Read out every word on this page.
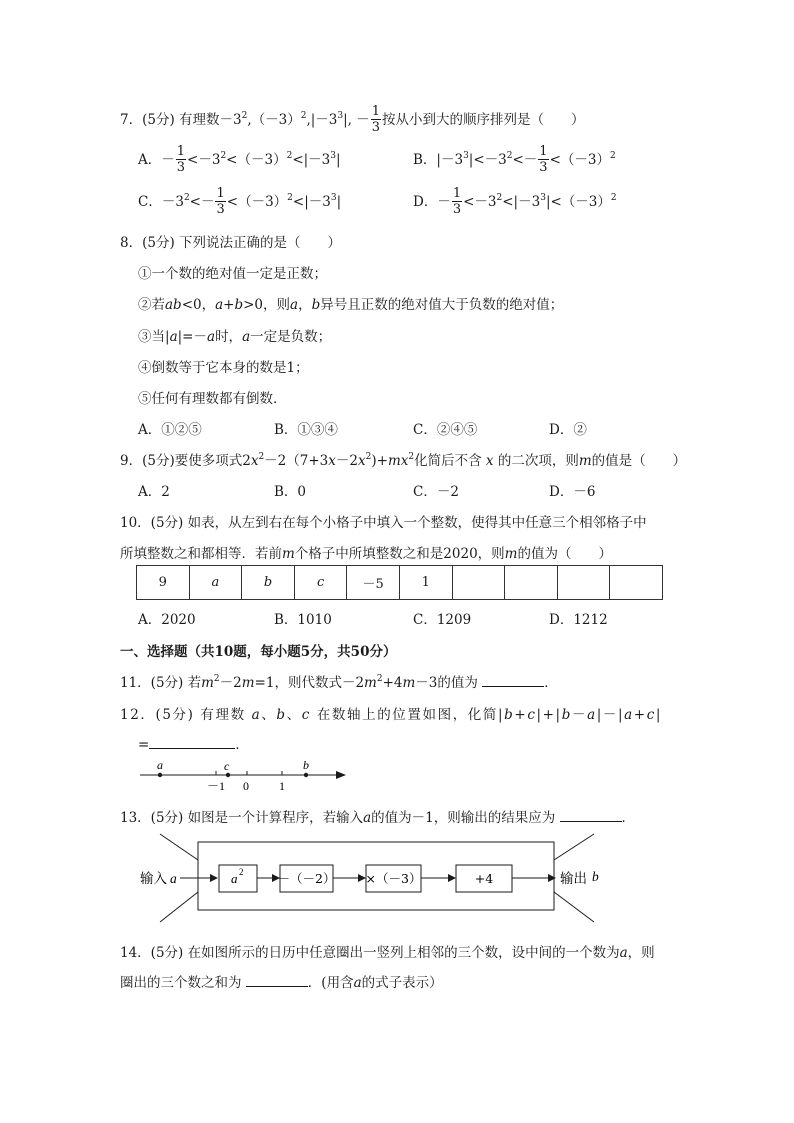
7．(5分) 有理数$-3^2,(-3)^2,|-3^3|$, － $\frac{1}{3}$ 按从小到大的顺序排列是（　　）
A．－ $\frac{1}{3} <-3^2<(-3)^2<|-3^3|$	B．$|-3^3|<-3^2<- \frac{1}{3} <(-3)^2$
C．$-3^2<- \frac{1}{3} <(-3)^2<|-3^3|$	D．－ $\frac{1}{3} <-3^2<|-3^3|<(-3)^2$
8．(5分) 下列说法正确的是（　　）
①一个数的绝对值一定是正数；
②若ab<0，a+b>0，则a，b异号且正数的绝对值大于负数的绝对值；
③当|a|=－a时，a一定是负数；
④倒数等于它本身的数是1；
⑤任何有理数都有倒数．
A．①②⑤	B．①③④	C．②④⑤	D．②
9．(5分)要使多项式$2x^2-2(7+3x-2x^2)+mx^2$化简后不含 x 的二次项，则m的值是（　　）
A．2	B．0	C．－2	D．－6
10．(5分) 如表，从左到右在每个小格子中填入一个整数，使得其中任意三个相邻格子中
所填整数之和都相等．若前m个格子中所填整数之和是2020，则m的值为（　　）
9	a	b	c	－5	1				
A．2020	B．1010	C．1209	D．1212
一、选择题（共10题，每小题5分，共50分）
11．(5分) 若$m^2-2m=1$，则代数式$-2m^2+4m-3$的值为	．
12．(5分) 有理数 a、b、c 在数轴上的位置如图，化简|b+c|+|b－a|－|a+c|
=	．
a	c	b
－1 0	1
13．(5分) 如图是一个计算程序，若输入a的值为－1，则输出的结果应为	．
输入 a	a 2	－（－2） ×（－3）	+4	输出 b
14．(5分) 在如图所示的日历中任意圈出一竖列上相邻的三个数，设中间的一个数为a，则
圈出的三个数之和为	．(用含a的式子表示）
